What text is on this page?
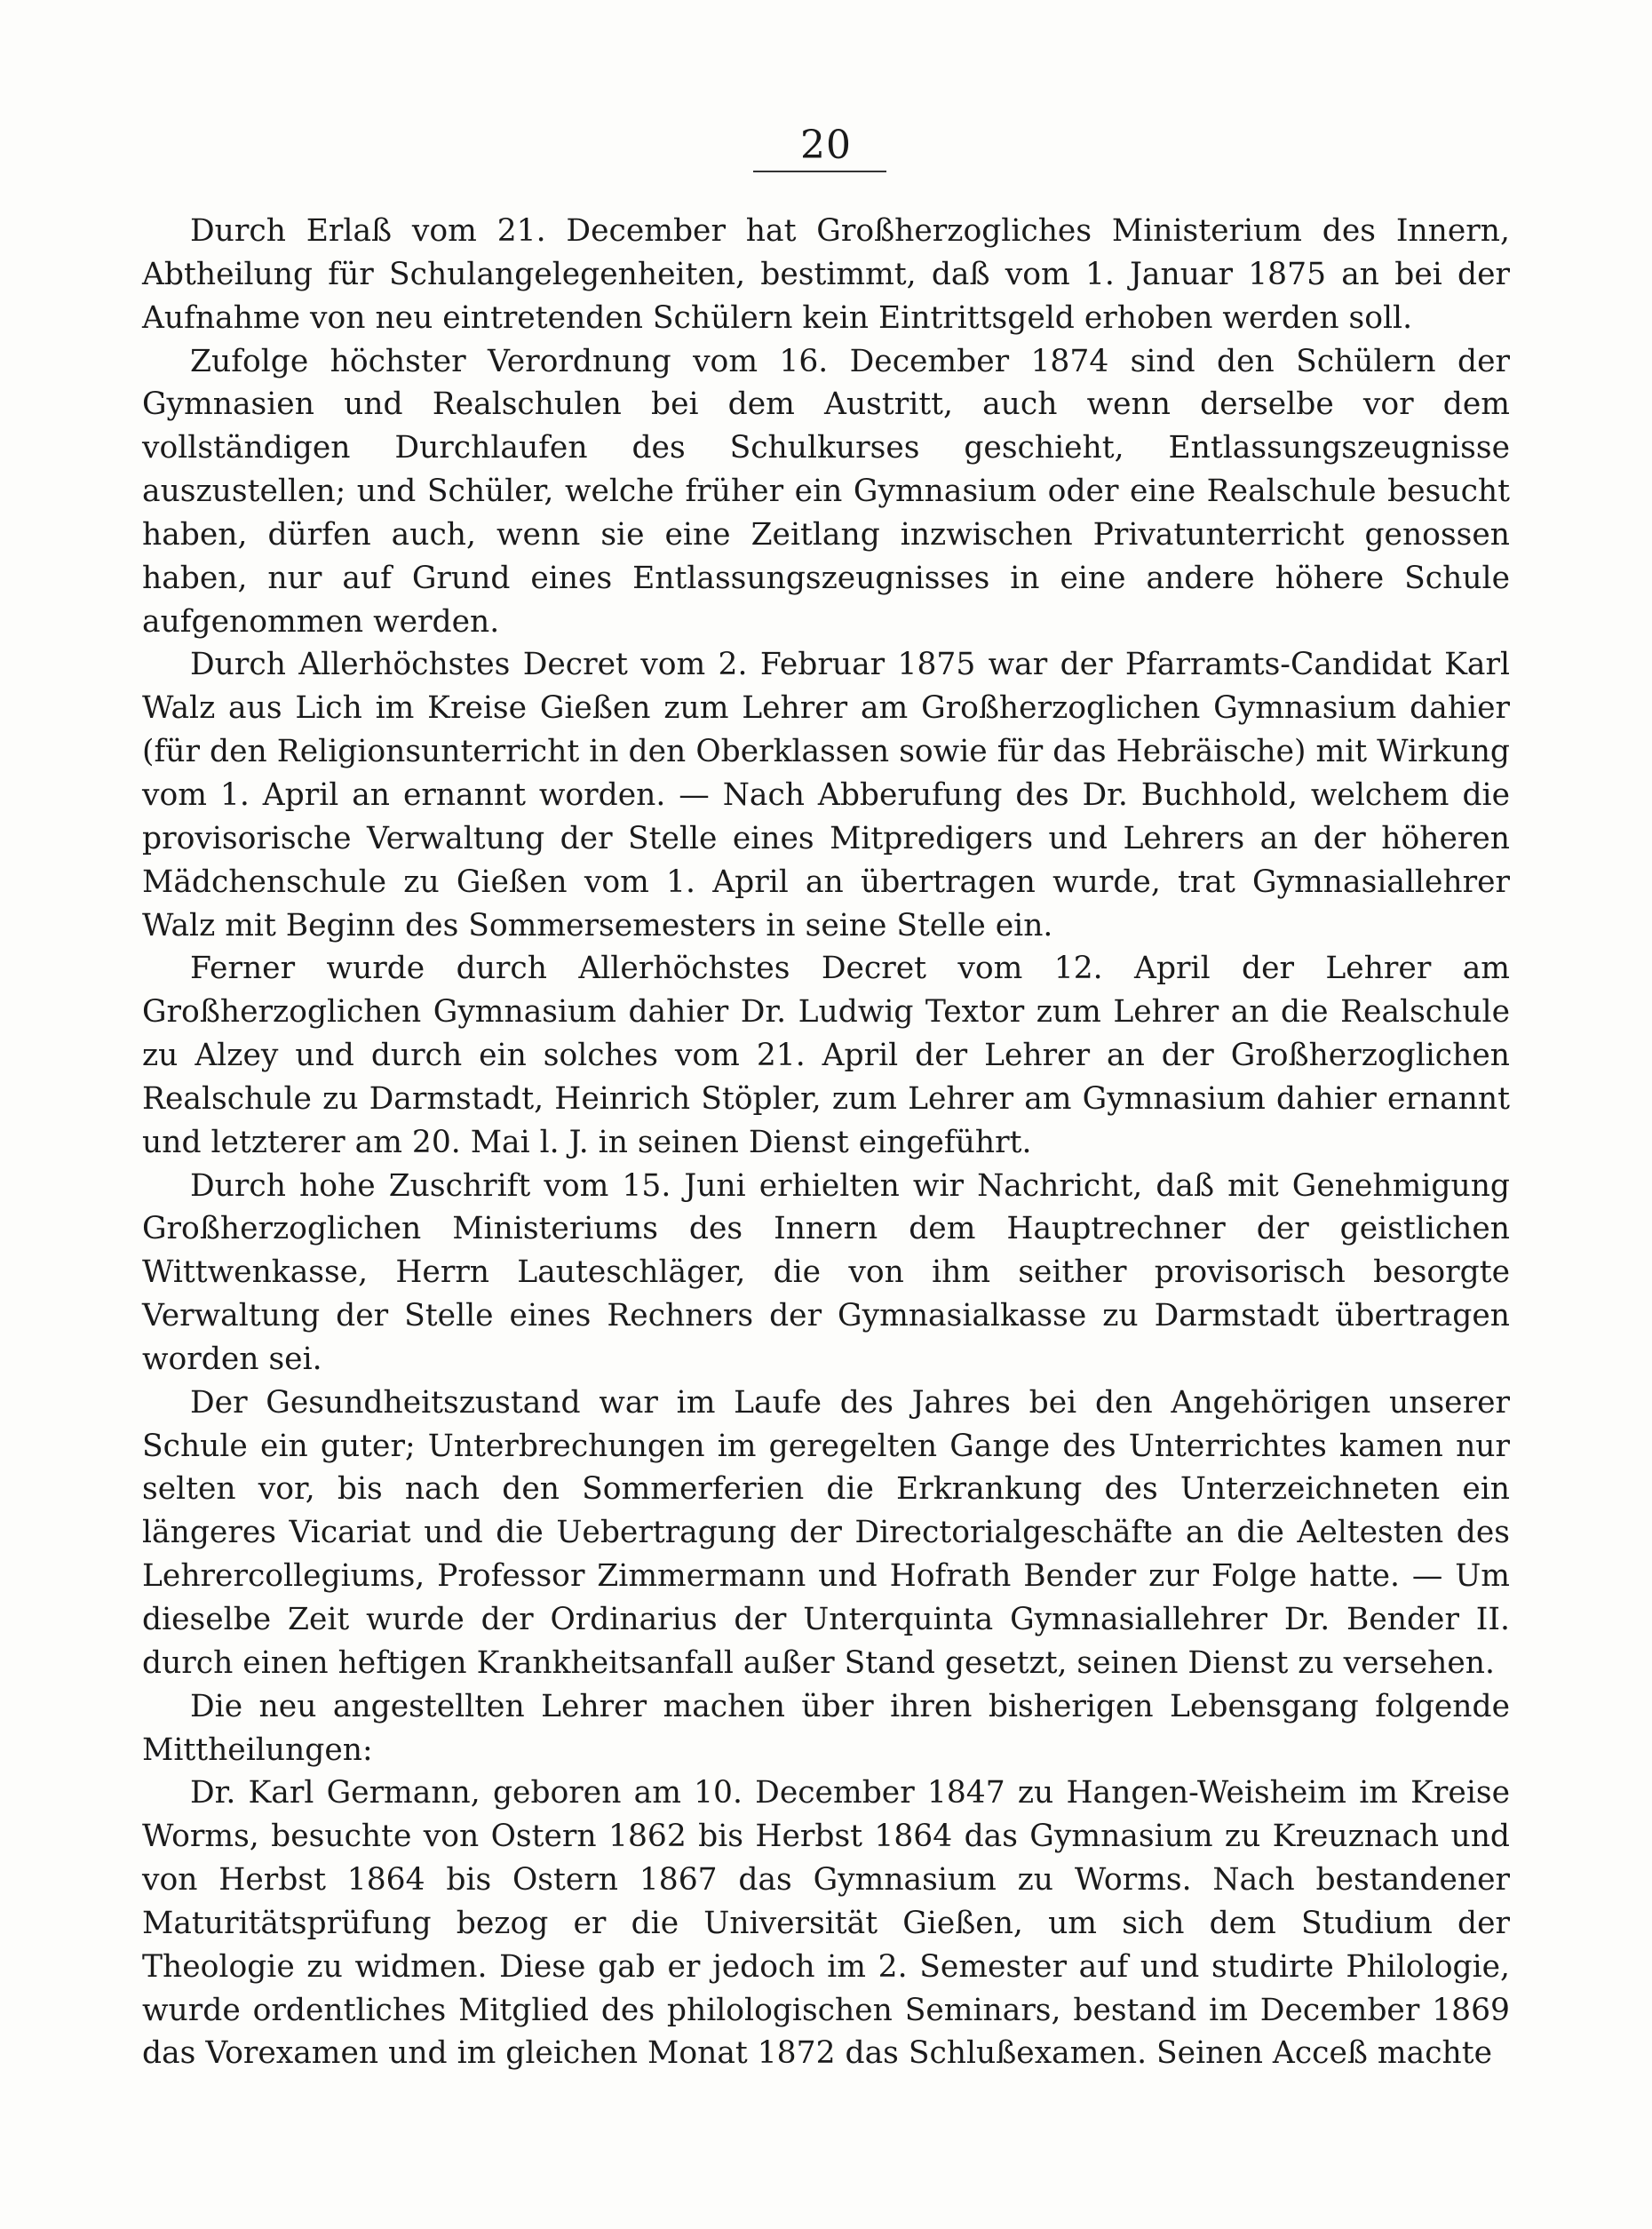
20

Durch Erlaß vom 21. December hat Großherzogliches Ministerium des Innern, Abtheilung für Schulangelegenheiten, bestimmt, daß vom 1. Januar 1875 an bei der Aufnahme von neu eintretenden Schülern kein Eintrittsgeld erhoben werden soll.

Zufolge höchster Verordnung vom 16. December 1874 sind den Schülern der Gymnasien und Realschulen bei dem Austritt, auch wenn derselbe vor dem vollständigen Durchlaufen des Schulkurses geschieht, Entlassungszeugnisse auszustellen; und Schüler, welche früher ein Gymnasium oder eine Realschule besucht haben, dürfen auch, wenn sie eine Zeitlang inzwischen Privatunterricht genossen haben, nur auf Grund eines Entlassungszeugnisses in eine andere höhere Schule aufgenommen werden.

Durch Allerhöchstes Decret vom 2. Februar 1875 war der Pfarramts-Candidat Karl Walz aus Lich im Kreise Gießen zum Lehrer am Großherzoglichen Gymnasium dahier (für den Religionsunterricht in den Oberklassen sowie für das Hebräische) mit Wirkung vom 1. April an ernannt worden. — Nach Abberufung des Dr. Buchhold, welchem die provisorische Verwaltung der Stelle eines Mitpredigers und Lehrers an der höheren Mädchenschule zu Gießen vom 1. April an übertragen wurde, trat Gymnasiallehrer Walz mit Beginn des Sommersemesters in seine Stelle ein.

Ferner wurde durch Allerhöchstes Decret vom 12. April der Lehrer am Großherzoglichen Gymnasium dahier Dr. Ludwig Textor zum Lehrer an die Realschule zu Alzey und durch ein solches vom 21. April der Lehrer an der Großherzoglichen Realschule zu Darmstadt, Heinrich Stöpler, zum Lehrer am Gymnasium dahier ernannt und letzterer am 20. Mai l. J. in seinen Dienst eingeführt.

Durch hohe Zuschrift vom 15. Juni erhielten wir Nachricht, daß mit Genehmigung Großherzoglichen Ministeriums des Innern dem Hauptrechner der geistlichen Wittwenkasse, Herrn Lauteschläger, die von ihm seither provisorisch besorgte Verwaltung der Stelle eines Rechners der Gymnasialkasse zu Darmstadt übertragen worden sei.

Der Gesundheitszustand war im Laufe des Jahres bei den Angehörigen unserer Schule ein guter; Unterbrechungen im geregelten Gange des Unterrichtes kamen nur selten vor, bis nach den Sommerferien die Erkrankung des Unterzeichneten ein längeres Vicariat und die Uebertragung der Directorialgeschäfte an die Aeltesten des Lehrercollegiums, Professor Zimmermann und Hofrath Bender zur Folge hatte. — Um dieselbe Zeit wurde der Ordinarius der Unterquinta Gymnasiallehrer Dr. Bender II. durch einen heftigen Krankheitsanfall außer Stand gesetzt, seinen Dienst zu versehen.

Die neu angestellten Lehrer machen über ihren bisherigen Lebensgang folgende Mittheilungen:

Dr. Karl Germann, geboren am 10. December 1847 zu Hangen-Weisheim im Kreise Worms, besuchte von Ostern 1862 bis Herbst 1864 das Gymnasium zu Kreuznach und von Herbst 1864 bis Ostern 1867 das Gymnasium zu Worms. Nach bestandener Maturitätsprüfung bezog er die Universität Gießen, um sich dem Studium der Theologie zu widmen. Diese gab er jedoch im 2. Semester auf und studirte Philologie, wurde ordentliches Mitglied des philologischen Seminars, bestand im December 1869 das Vorexamen und im gleichen Monat 1872 das Schlußexamen. Seinen Accеß machte
